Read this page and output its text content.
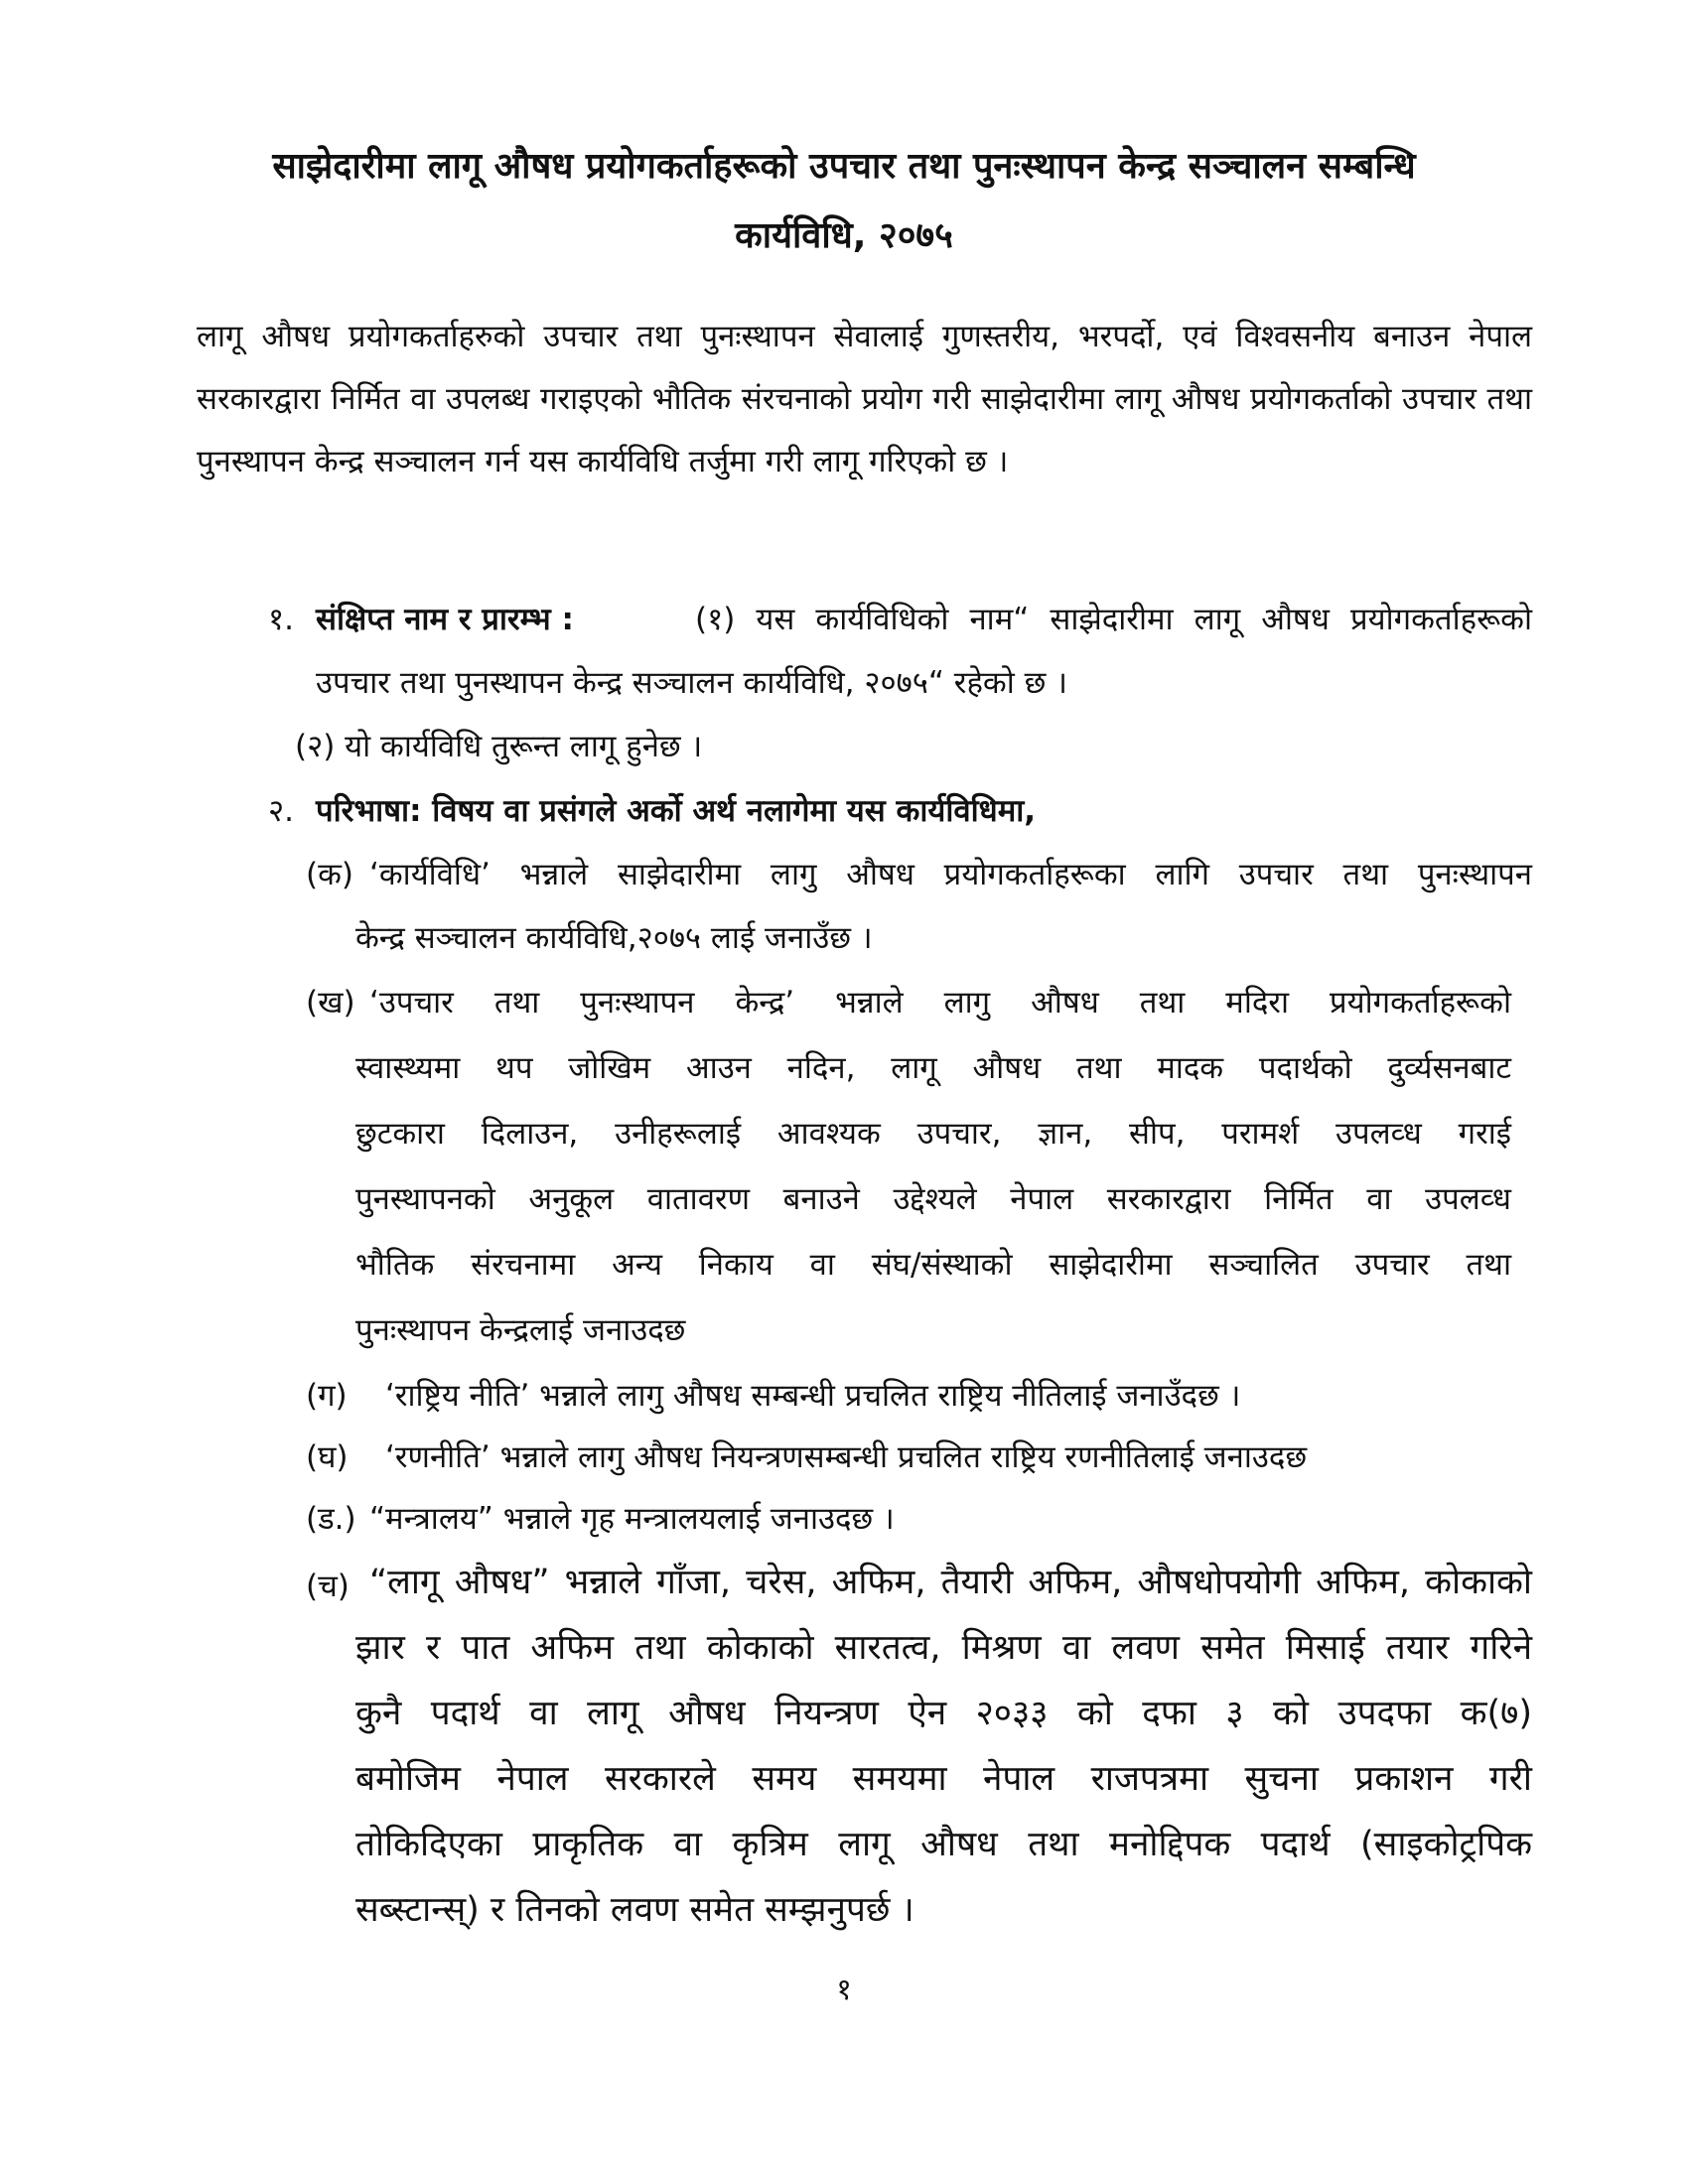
साझेदारीमा लागू औषध प्रयोगकर्ताहरूको उपचार तथा पुनःस्थापन केन्द्र सञ्चालन सम्बन्धि

कार्यविधि, २०७५

लागू औषध प्रयोगकर्ताहरुको उपचार तथा पुनःस्थापन सेवालाई गुणस्तरीय, भरपर्दो, एवं विश्वसनीय बनाउन नेपाल सरकारद्वारा निर्मित वा उपलब्ध गराइएको भौतिक संरचनाको प्रयोग गरी साझेदारीमा लागू औषध प्रयोगकर्ताको उपचार तथा पुनस्थापन केन्द्र सञ्चालन गर्न यस कार्यविधि तर्जुमा गरी लागू गरिएको छ ।

१. संक्षिप्त नाम र प्रारम्भ :	(१) यस कार्यविधिको नाम“ साझेदारीमा लागू औषध प्रयोगकर्ताहरूको

उपचार तथा पुनस्थापन केन्द्र सञ्चालन कार्यविधि, २०७५“ रहेको छ ।

(२) यो कार्यविधि तुरून्त लागू हुनेछ ।

२. परिभाषा: विषय वा प्रसंगले अर्को अर्थ नलागेमा यस कार्यविधिमा,

(क) ‘कार्यविधि’ भन्नाले साझेदारीमा लागु औषध प्रयोगकर्ताहरूका लागि उपचार तथा पुनःस्थापन

केन्द्र सञ्चालन कार्यविधि,२०७५ लाई जनाउँछ ।

(ख) ‘उपचार तथा पुनःस्थापन केन्द्र’ भन्नाले लागु औषध तथा मदिरा प्रयोगकर्ताहरूको

स्वास्थ्यमा थप जोखिम आउन नदिन, लागू औषध तथा मादक पदार्थको दुर्व्यसनबाट

छुटकारा दिलाउन, उनीहरूलाई आवश्यक उपचार, ज्ञान, सीप, परामर्श उपलव्ध गराई

पुनस्थापनको अनुकूल वातावरण बनाउने उद्देश्यले नेपाल सरकारद्वारा निर्मित वा उपलव्ध

भौतिक संरचनामा अन्य निकाय वा संघ/संस्थाको साझेदारीमा सञ्चालित उपचार तथा

पुनःस्थापन केन्द्रलाई जनाउदछ

(ग) ‘राष्ट्रिय नीति’ भन्नाले लागु औषध सम्बन्धी प्रचलित राष्ट्रिय नीतिलाई जनाउँदछ ।

(घ) ‘रणनीति’ भन्नाले लागु औषध नियन्त्रणसम्बन्धी प्रचलित राष्ट्रिय रणनीतिलाई जनाउदछ

(ड.) “मन्त्रालय” भन्नाले गृह मन्त्रालयलाई जनाउदछ ।

(च) “लागू औषध” भन्नाले गाँजा, चरेस, अफिम, तैयारी अफिम, औषधोपयोगी अफिम, कोकाको

झार र पात अफिम तथा कोकाको सारतत्व, मिश्रण वा लवण समेत मिसाई तयार गरिने

कुनै पदार्थ वा लागू औषध नियन्त्रण ऐन २०३३ को दफा ३ को उपदफा क(७)

बमोजिम नेपाल सरकारले समय समयमा नेपाल राजपत्रमा सुचना प्रकाशन गरी

तोकिदिएका प्राकृतिक वा कृत्रिम लागू औषध तथा मनोद्दिपक पदार्थ (साइकोट्रपिक

सब्स्टान्स्) र तिनको लवण समेत सम्झनुपर्छ ।

१
